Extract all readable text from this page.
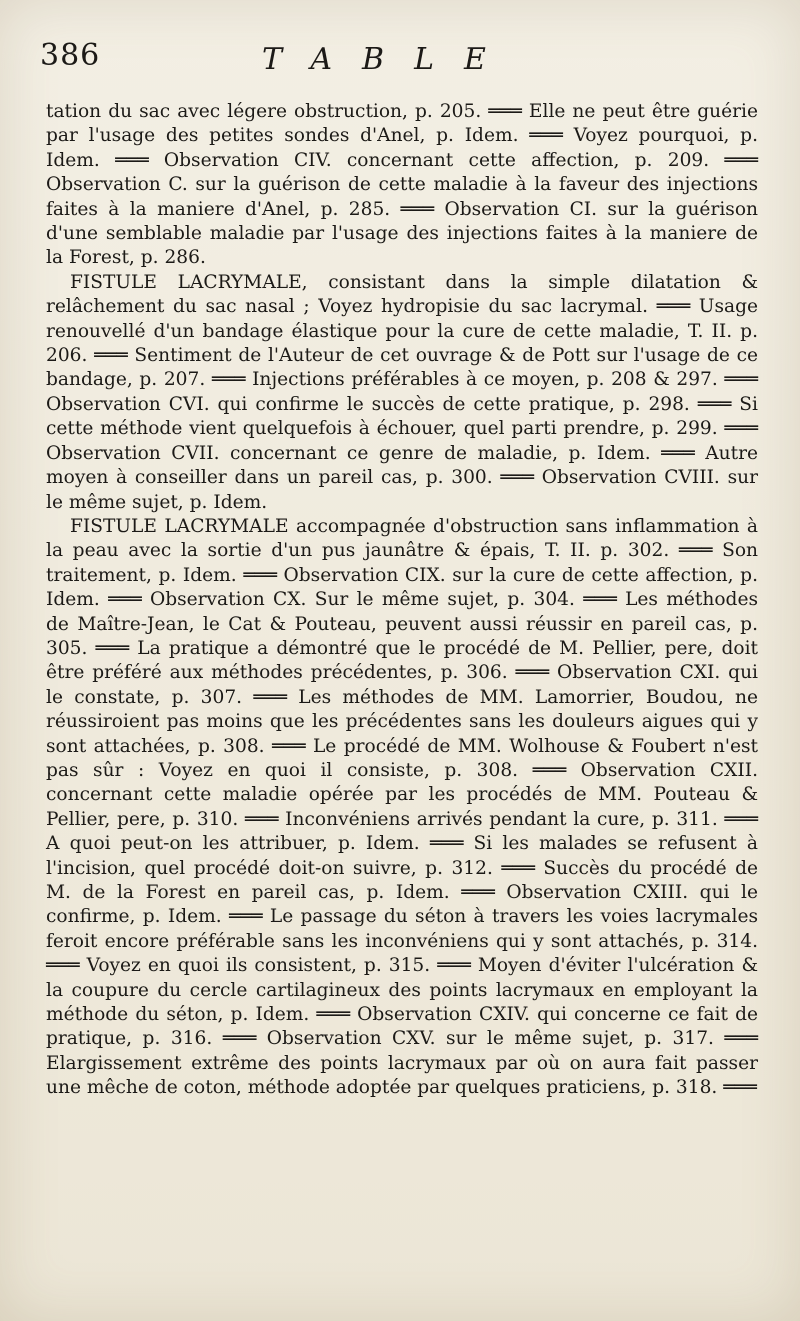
386	TABLE

tation du sac avec légere obstruction, p. 205. ═══ Elle ne peut être guérie par l'usage des petites sondes d'Anel, p. Idem. ═══ Voyez pourquoi, p. Idem. ═══ Observation CIV. concernant cette affection, p. 209. ═══ Observation C. sur la guérison de cette maladie à la faveur des injections faites à la maniere d'Anel, p. 285. ═══ Observation CI. sur la guérison d'une semblable maladie par l'usage des injections faites à la maniere de la Forest, p. 286.

FISTULE LACRYMALE, consistant dans la simple dilatation & relâchement du sac nasal ; Voyez hydropisie du sac lacrymal. ═══ Usage renouvellé d'un bandage élastique pour la cure de cette maladie, T. II. p. 206. ═══ Sentiment de l'Auteur de cet ouvrage & de Pott sur l'usage de ce bandage, p. 207. ═══ Injections préférables à ce moyen, p. 208 & 297. ═══ Observation CVI. qui confirme le succès de cette pratique, p. 298. ═══ Si cette méthode vient quelquefois à échouer, quel parti prendre, p. 299. ═══ Observation CVII. concernant ce genre de maladie, p. Idem. ═══ Autre moyen à conseiller dans un pareil cas, p. 300. ═══ Observation CVIII. sur le même sujet, p. Idem.

FISTULE LACRYMALE accompagnée d'obstruction sans inflammation à la peau avec la sortie d'un pus jaunâtre & épais, T. II. p. 302. ═══ Son traitement, p. Idem. ═══ Observation CIX. sur la cure de cette affection, p. Idem. ═══ Observation CX. Sur le même sujet, p. 304. ═══ Les méthodes de Maître-Jean, le Cat & Pouteau, peuvent aussi réussir en pareil cas, p. 305. ═══ La pratique a démontré que le procédé de M. Pellier, pere, doit être préféré aux méthodes précédentes, p. 306. ═══ Observation CXI. qui le constate, p. 307. ═══ Les méthodes de MM. Lamorrier, Boudou, ne réussiroient pas moins que les précédentes sans les douleurs aigues qui y sont attachées, p. 308. ═══ Le procédé de MM. Wolhouse & Foubert n'est pas sûr : Voyez en quoi il consiste, p. 308. ═══ Observation CXII. concernant cette maladie opérée par les procédés de MM. Pouteau & Pellier, pere, p. 310. ═══ Inconvéniens arrivés pendant la cure, p. 311. ═══ A quoi peut-on les attribuer, p. Idem. ═══ Si les malades se refusent à l'incision, quel procédé doit-on suivre, p. 312. ═══ Succès du procédé de M. de la Forest en pareil cas, p. Idem. ═══ Observation CXIII. qui le confirme, p. Idem. ═══ Le passage du séton à travers les voies lacrymales feroit encore préférable sans les inconvéniens qui y sont attachés, p. 314. ═══ Voyez en quoi ils consistent, p. 315. ═══ Moyen d'éviter l'ulcération & la coupure du cercle cartilagineux des points lacrymaux en employant la méthode du séton, p. Idem. ═══ Observation CXIV. qui concerne ce fait de pratique, p. 316. ═══ Observation CXV. sur le même sujet, p. 317. ═══ Elargissement extrême des points lacrymaux par où on aura fait passer une mêche de coton, méthode adoptée par quelques praticiens, p. 318. ═══
